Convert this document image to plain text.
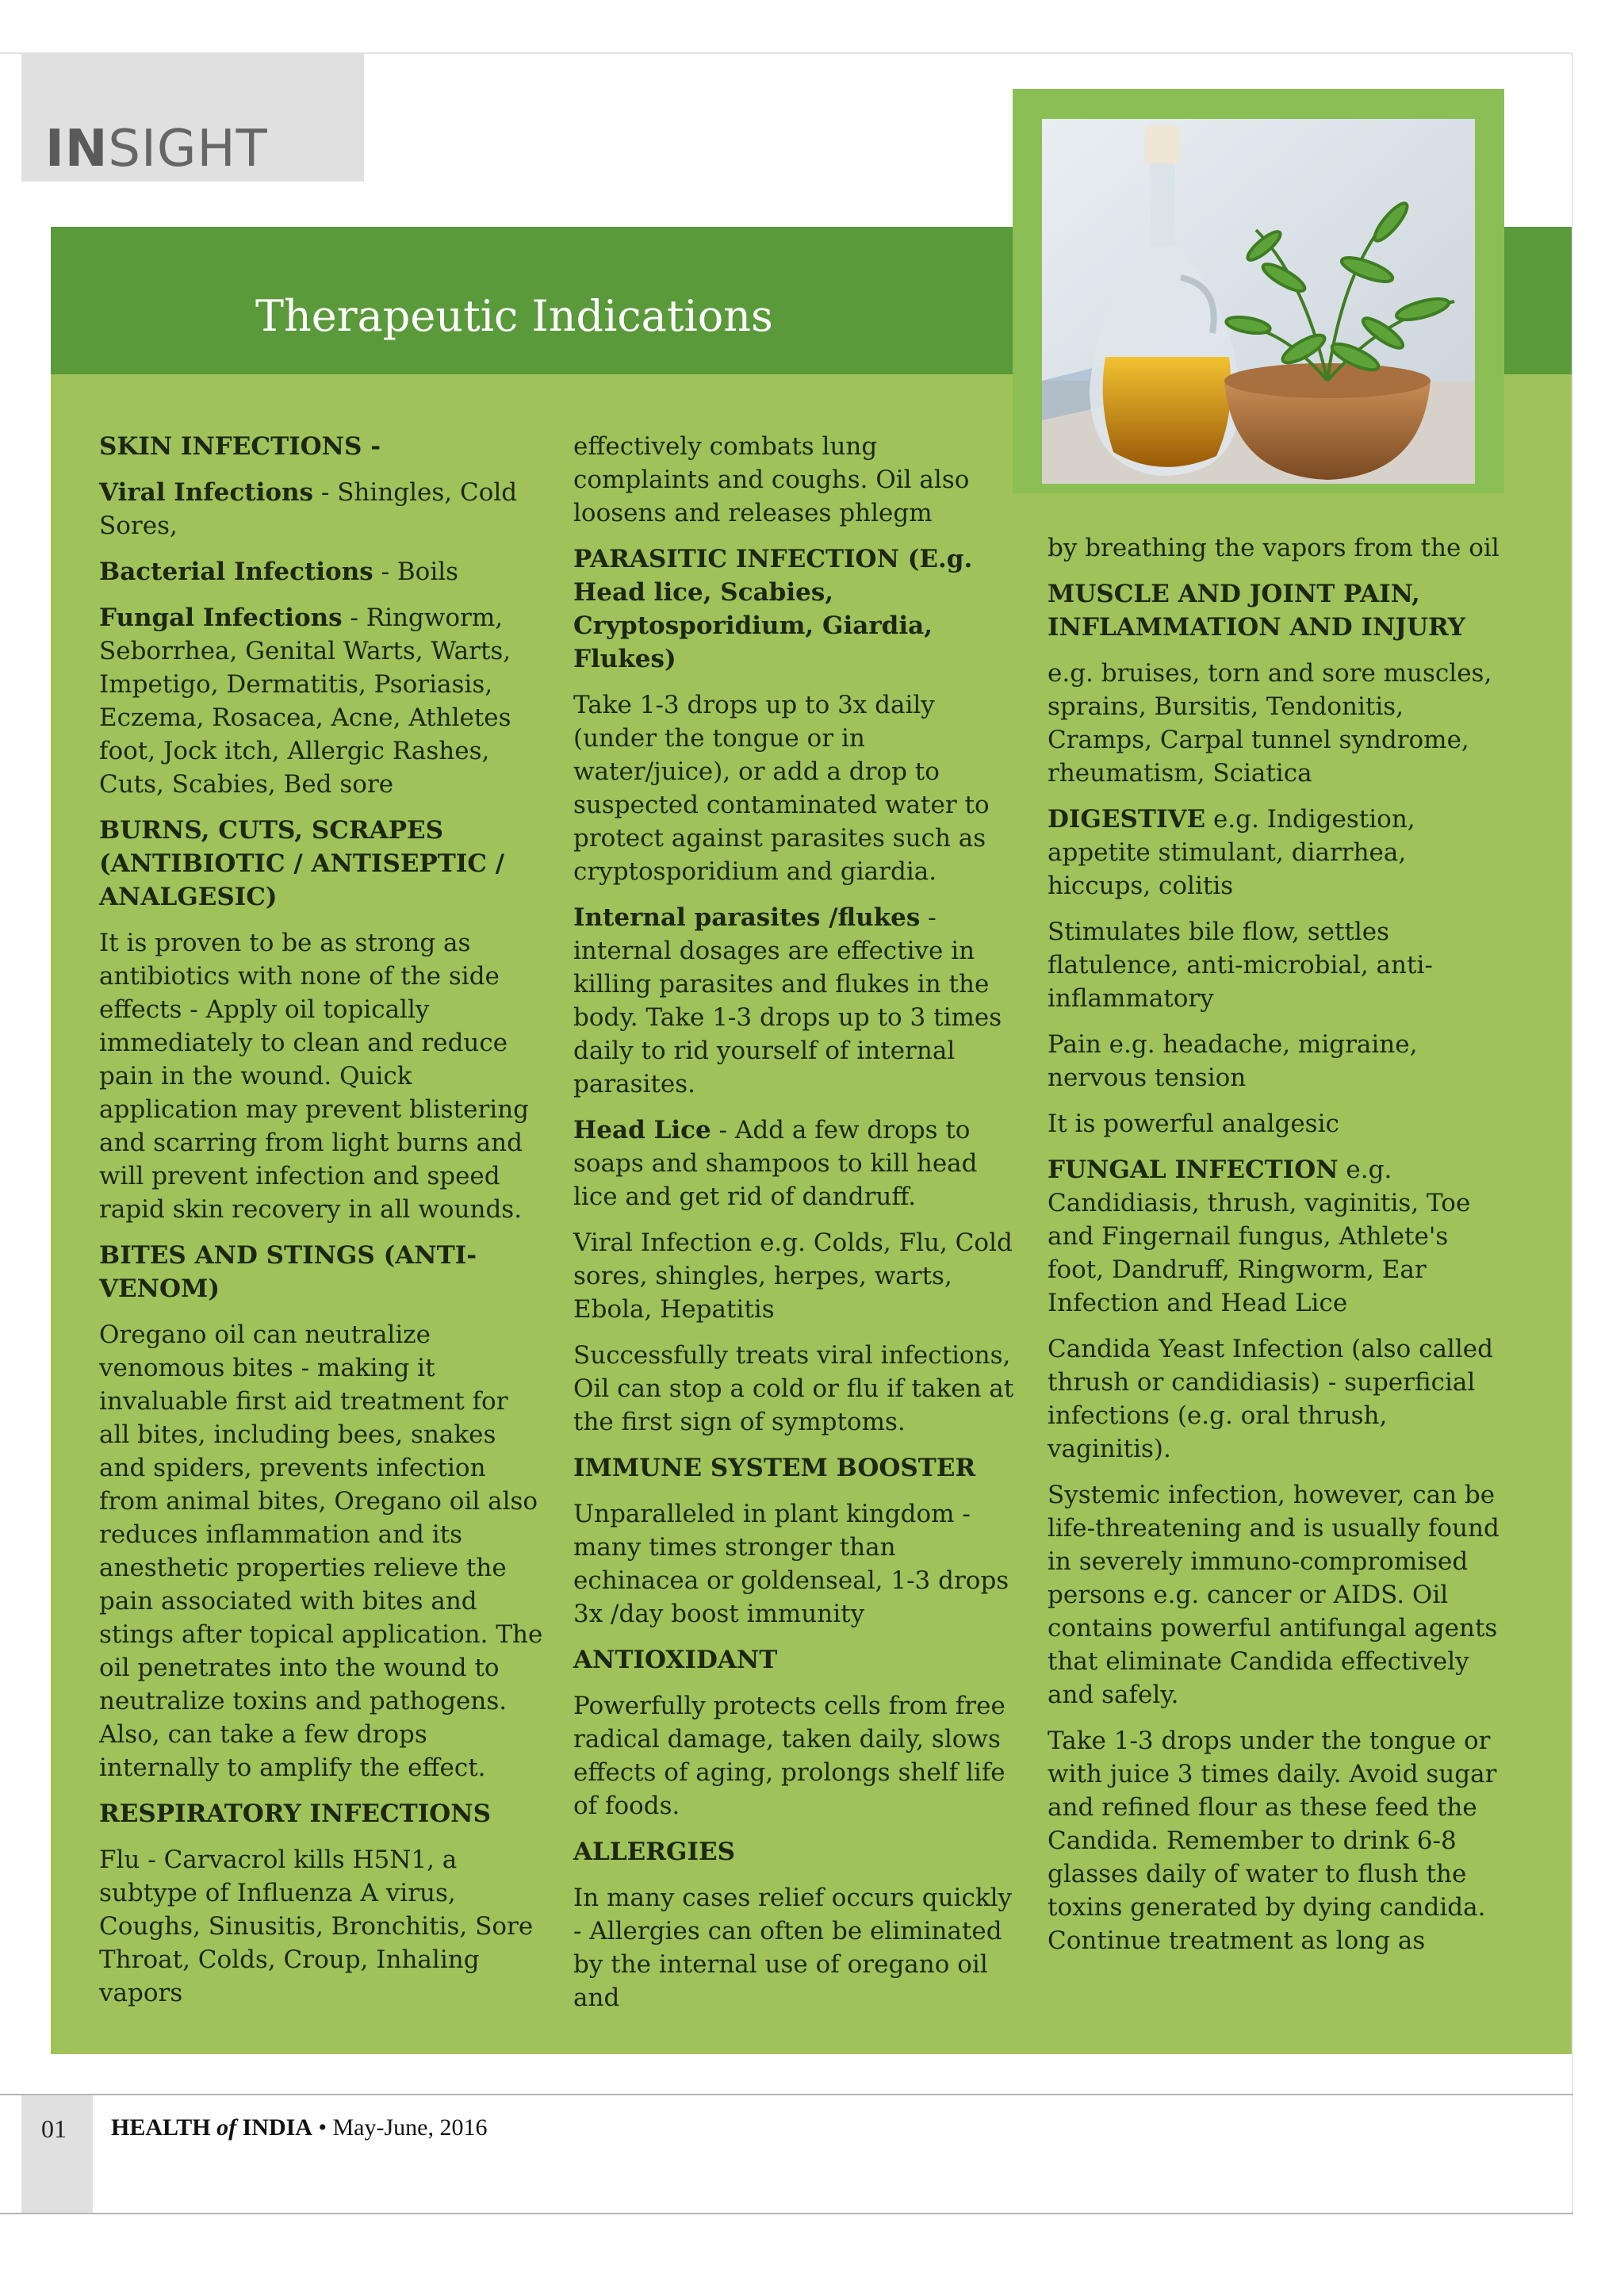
INSIGHT
Therapeutic Indications
SKIN INFECTIONS -

Viral Infections - Shingles, Cold Sores,

Bacterial Infections - Boils

Fungal Infections - Ringworm, Seborrhea, Genital Warts, Warts, Impetigo, Dermatitis, Psoriasis, Eczema, Rosacea, Acne, Athletes foot, Jock itch, Allergic Rashes, Cuts, Scabies, Bed sore

BURNS, CUTS, SCRAPES (ANTIBIOTIC / ANTISEPTIC / ANALGESIC)

It is proven to be as strong as antibiotics with none of the side effects - Apply oil topically immediately to clean and reduce pain in the wound. Quick application may prevent blistering and scarring from light burns and will prevent infection and speed rapid skin recovery in all wounds.

BITES AND STINGS (ANTI-VENOM)

Oregano oil can neutralize venomous bites - making it invaluable first aid treatment for all bites, including bees, snakes and spiders, prevents infection from animal bites, Oregano oil also reduces inflammation and its anesthetic properties relieve the pain associated with bites and stings after topical application. The oil penetrates into the wound to neutralize toxins and pathogens. Also, can take a few drops internally to amplify the effect.

RESPIRATORY INFECTIONS

Flu - Carvacrol kills H5N1, a subtype of Influenza A virus, Coughs, Sinusitis, Bronchitis, Sore Throat, Colds, Croup, Inhaling vapors

effectively combats lung complaints and coughs. Oil also loosens and releases phlegm

PARASITIC INFECTION (E.g. Head lice, Scabies, Cryptosporidium, Giardia, Flukes)

Take 1-3 drops up to 3x daily (under the tongue or in water/juice), or add a drop to suspected contaminated water to protect against parasites such as cryptosporidium and giardia.

Internal parasites /flukes - internal dosages are effective in killing parasites and flukes in the body. Take 1-3 drops up to 3 times daily to rid yourself of internal parasites.

Head Lice - Add a few drops to soaps and shampoos to kill head lice and get rid of dandruff.

Viral Infection e.g. Colds, Flu, Cold sores, shingles, herpes, warts, Ebola, Hepatitis

Successfully treats viral infections, Oil can stop a cold or flu if taken at the first sign of symptoms.

IMMUNE SYSTEM BOOSTER

Unparalleled in plant kingdom - many times stronger than echinacea or goldenseal, 1-3 drops 3x /day boost immunity

ANTIOXIDANT

Powerfully protects cells from free radical damage, taken daily, slows effects of aging, prolongs shelf life of foods.

ALLERGIES

In many cases relief occurs quickly - Allergies can often be eliminated by the internal use of oregano oil and

by breathing the vapors from the oil

MUSCLE AND JOINT PAIN, INFLAMMATION AND INJURY

e.g. bruises, torn and sore muscles, sprains, Bursitis, Tendonitis, Cramps, Carpal tunnel syndrome, rheumatism, Sciatica

DIGESTIVE e.g. Indigestion, appetite stimulant, diarrhea, hiccups, colitis

Stimulates bile flow, settles flatulence, anti-microbial, anti-inflammatory

Pain e.g. headache, migraine, nervous tension

It is powerful analgesic

FUNGAL INFECTION e.g. Candidiasis, thrush, vaginitis, Toe and Fingernail fungus, Athlete's foot, Dandruff, Ringworm, Ear Infection and Head Lice

Candida Yeast Infection (also called thrush or candidiasis) - superficial infections (e.g. oral thrush, vaginitis).

Systemic infection, however, can be life-threatening and is usually found in severely immuno-compromised persons e.g. cancer or AIDS. Oil contains powerful antifungal agents that eliminate Candida effectively and safely.

Take 1-3 drops under the tongue or with juice 3 times daily. Avoid sugar and refined flour as these feed the Candida. Remember to drink 6-8 glasses daily of water to flush the toxins generated by dying candida. Continue treatment as long as

01 HEALTH of INDIA • May-June, 2016
